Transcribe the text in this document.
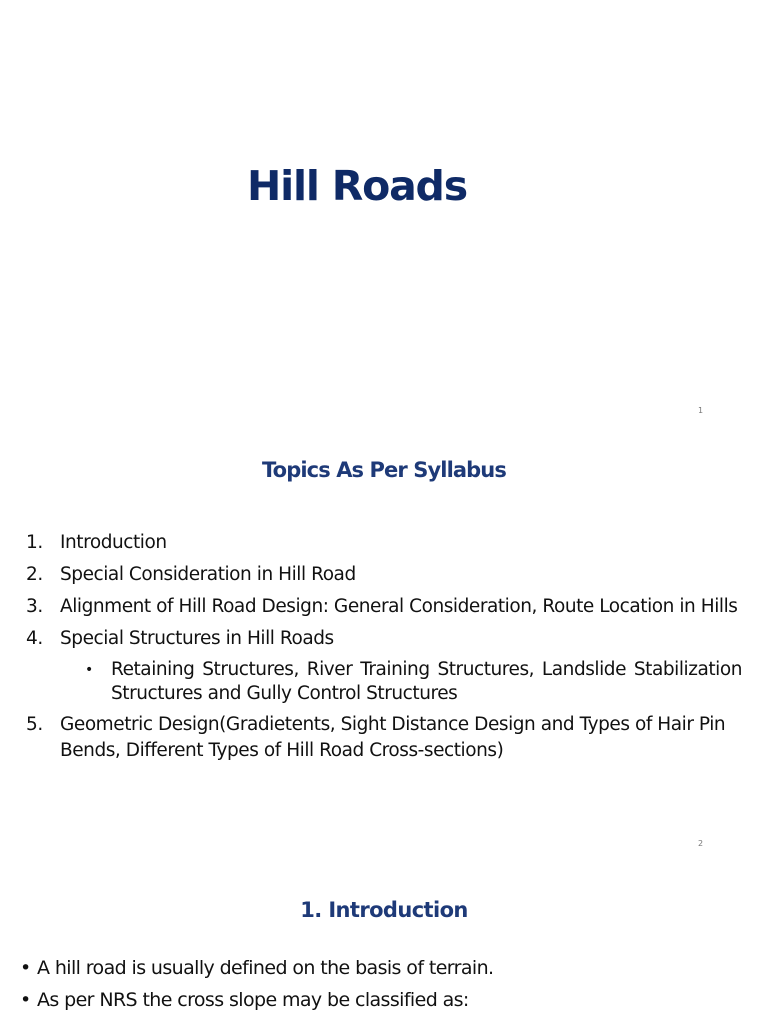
Hill Roads
1
Topics As Per Syllabus
1. Introduction
2. Special Consideration in Hill Road
3. Alignment of Hill Road Design: General Consideration, Route Location in Hills
4. Special Structures in Hill Roads
• Retaining Structures, River Training Structures, Landslide Stabilization Structures and Gully Control Structures
5. Geometric Design(Gradietents, Sight Distance Design and Types of Hair Pin Bends, Different Types of Hill Road Cross-sections)
2
1. Introduction
• A hill road is usually defined on the basis of terrain.
• As per NRS the cross slope may be classified as:
